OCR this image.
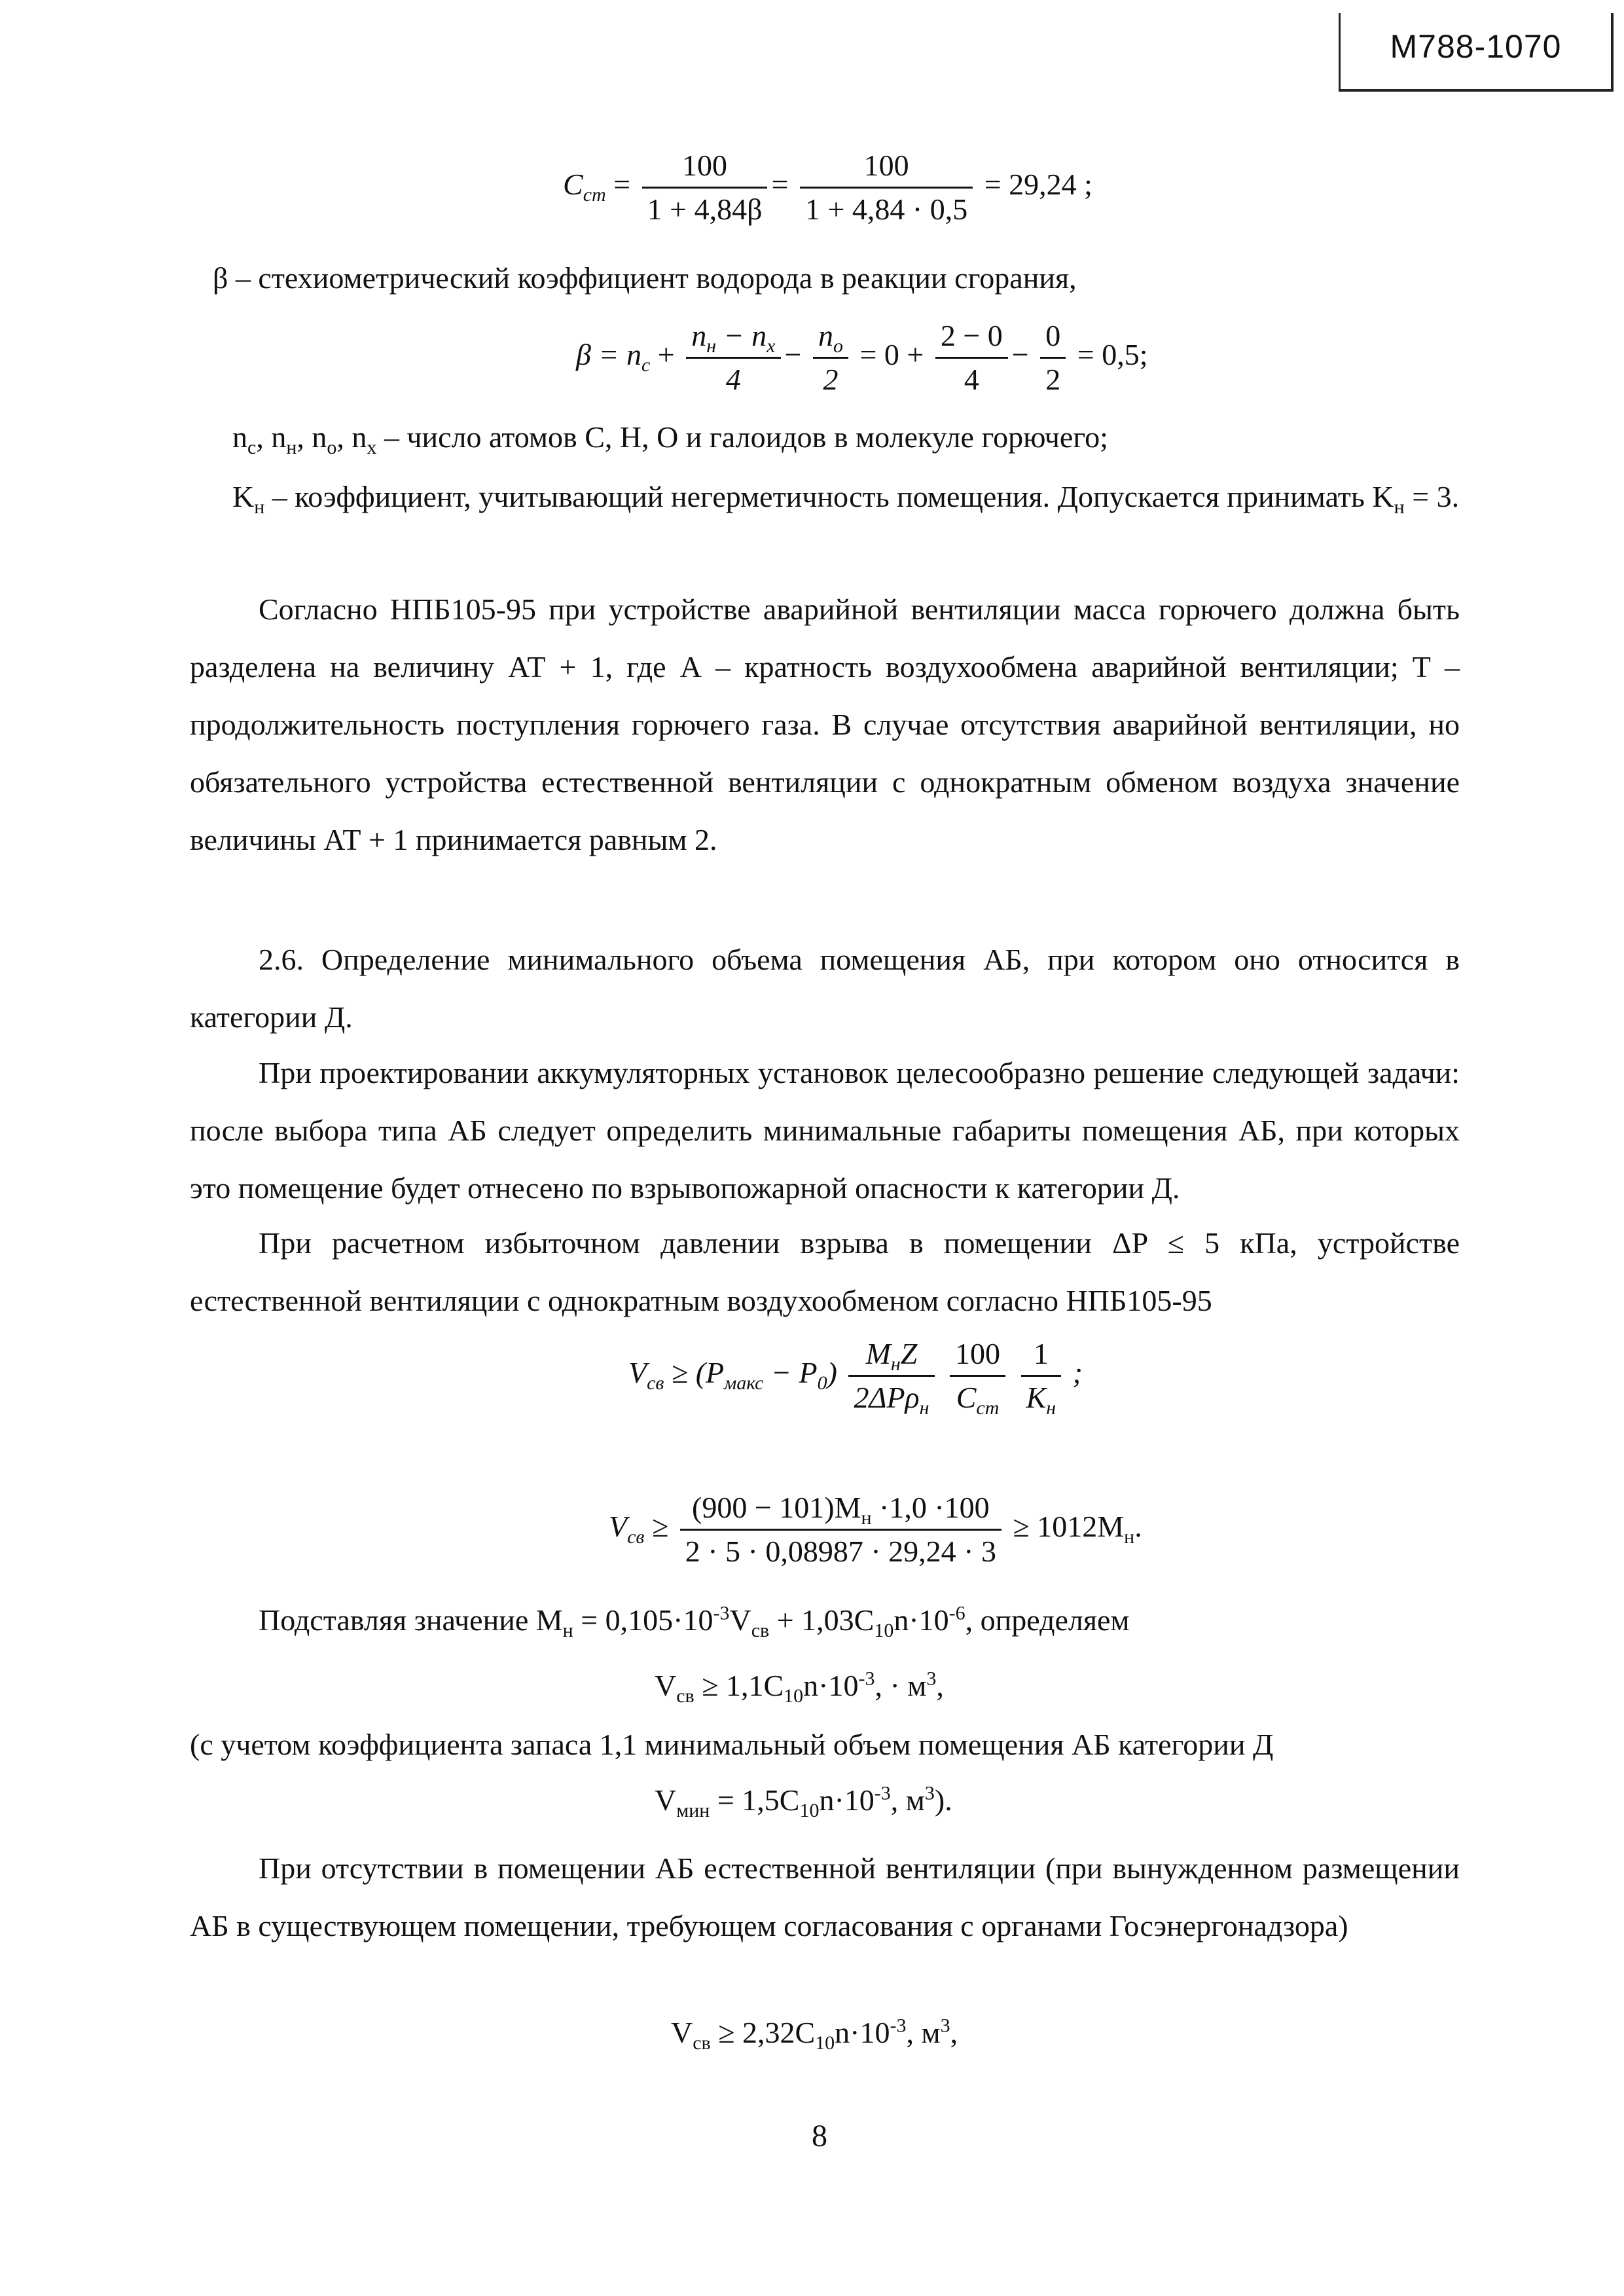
М788-1070
$C_{ст} = \frac{100}{1 + 4,84\beta} = \frac{100}{1 + 4,84 \cdot 0,5} = 29,24$ ;
β – стехиометрический коэффициент водорода в реакции сгорания,
$\beta = n_c + \frac{n_н - n_x}{4} - \frac{n_o}{2} = 0 + \frac{2 - 0}{4} - \frac{0}{2} = 0,5$;
$n_c$, $n_н$, $n_o$, $n_x$ – число атомов С, Н, О и галоидов в молекуле горючего;
$K_н$ – коэффициент, учитывающий негерметичность помещения. Допускается принимать $K_н = 3$.
Согласно НПБ105-95 при устройстве аварийной вентиляции масса горючего должна быть разделена на величину АТ + 1, где А – кратность воздухообмена аварийной вентиляции; Т – продолжительность поступления горючего газа. В случае отсутствия аварийной вентиляции, но обязательного устройства естественной вентиляции с однократным обменом воздуха значение величины АТ + 1 принимается равным 2.
2.6. Определение минимального объема помещения АБ, при котором оно относится в категории Д.
При проектировании аккумуляторных установок целесообразно решение следующей задачи: после выбора типа АБ следует определить минимальные габариты помещения АБ, при которых это помещение будет отнесено по взрывопожарной опасности к категории Д.
При расчетном избыточном давлении взрыва в помещении ΔP ≤ 5 кПа, устройстве естественной вентиляции с однократным воздухообменом согласно НПБ105-95
$V_{св} \ge (P_{макс} - P_0) \frac{M_нZ}{2\Delta P\rho_н}$
$\frac{100}{C_{ст}}$
$\frac{1}{K_н}$ ;
$V_{св} \ge \frac{(900 - 101)M_н \cdot 1,0 \cdot 100}{2 \cdot 5 \cdot 0,08987 \cdot 29,24 \cdot 3} \ge 1012M_н$.
Подставляя значение $M_н = 0,105\cdot 10^{-3}V_{св} + 1,03C_{10}n\cdot 10^{-6}$, определяем
$V_{св} \ge 1,1C_{10}n\cdot 10^{-3}$, · $м^3$,
(с учетом коэффициента запаса 1,1 минимальный объем помещения АБ категории Д
$V_{мин} = 1,5C_{10}n\cdot 10^{-3}$, $м^3$).
При отсутствии в помещении АБ естественной вентиляции (при вынужденном размещении АБ в существующем помещении, требующем согласования с органами Госэнергонадзора)
$V_{св} \ge 2,32C_{10}n\cdot 10^{-3}$, $м^3$,
8
